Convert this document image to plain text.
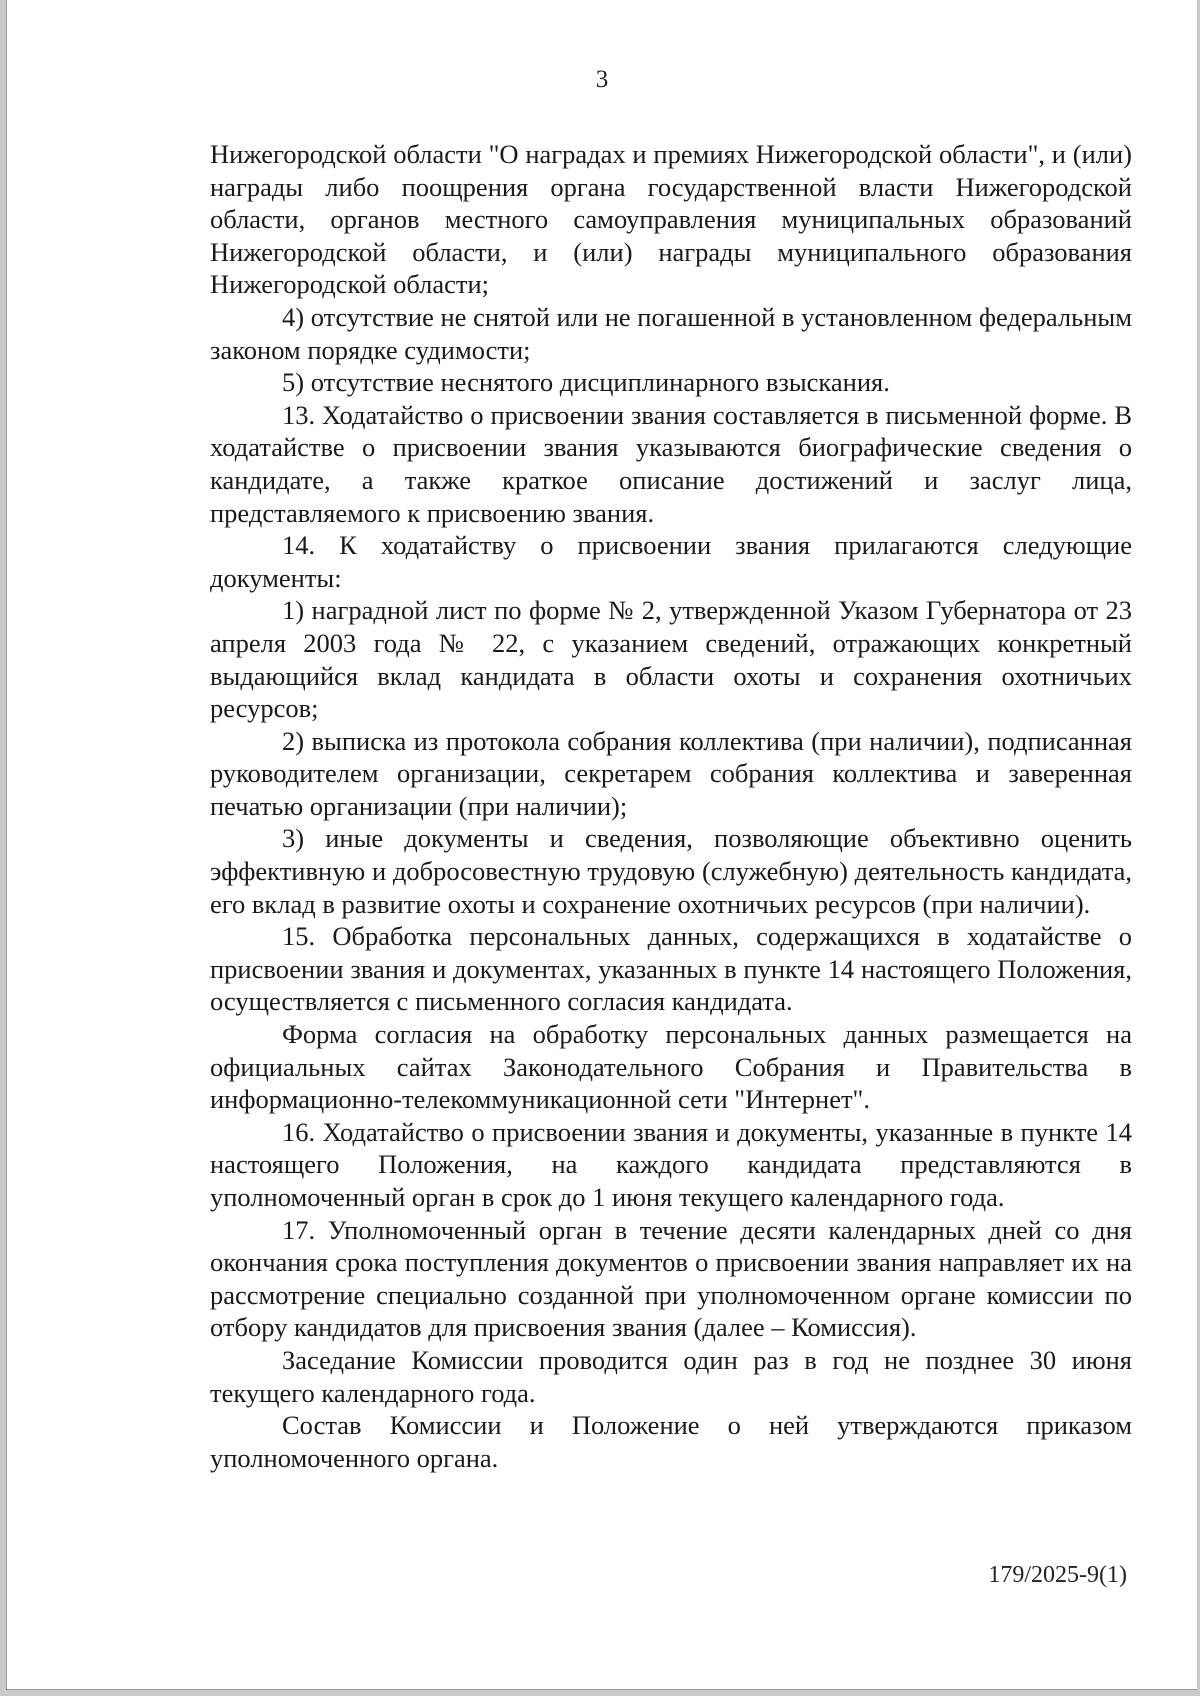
3

Нижегородской области "О наградах и премиях Нижегородской области", и (или) награды либо поощрения органа государственной власти Нижегородской области, органов местного самоуправления муниципальных образований Нижегородской области, и (или) награды муниципального образования Нижегородской области;

4) отсутствие не снятой или не погашенной в установленном федеральным законом порядке судимости;

5) отсутствие неснятого дисциплинарного взыскания.

13. Ходатайство о присвоении звания составляется в письменной форме. В ходатайстве о присвоении звания указываются биографические сведения о кандидате, а также краткое описание достижений и заслуг лица, представляемого к присвоению звания.

14. К ходатайству о присвоении звания прилагаются следующие документы:

1) наградной лист по форме № 2, утвержденной Указом Губернатора от 23 апреля 2003 года № 22, с указанием сведений, отражающих конкретный выдающийся вклад кандидата в области охоты и сохранения охотничьих ресурсов;

2) выписка из протокола собрания коллектива (при наличии), подписанная руководителем организации, секретарем собрания коллектива и заверенная печатью организации (при наличии);

3) иные документы и сведения, позволяющие объективно оценить эффективную и добросовестную трудовую (служебную) деятельность кандидата, его вклад в развитие охоты и сохранение охотничьих ресурсов (при наличии).

15. Обработка персональных данных, содержащихся в ходатайстве о присвоении звания и документах, указанных в пункте 14 настоящего Положения, осуществляется с письменного согласия кандидата.

Форма согласия на обработку персональных данных размещается на официальных сайтах Законодательного Собрания и Правительства в информационно-телекоммуникационной сети "Интернет".

16. Ходатайство о присвоении звания и документы, указанные в пункте 14 настоящего Положения, на каждого кандидата представляются в уполномоченный орган в срок до 1 июня текущего календарного года.

17. Уполномоченный орган в течение десяти календарных дней со дня окончания срока поступления документов о присвоении звания направляет их на рассмотрение специально созданной при уполномоченном органе комиссии по отбору кандидатов для присвоения звания (далее – Комиссия).

Заседание Комиссии проводится один раз в год не позднее 30 июня текущего календарного года.

Состав Комиссии и Положение о ней утверждаются приказом уполномоченного органа.

179/2025-9(1)
